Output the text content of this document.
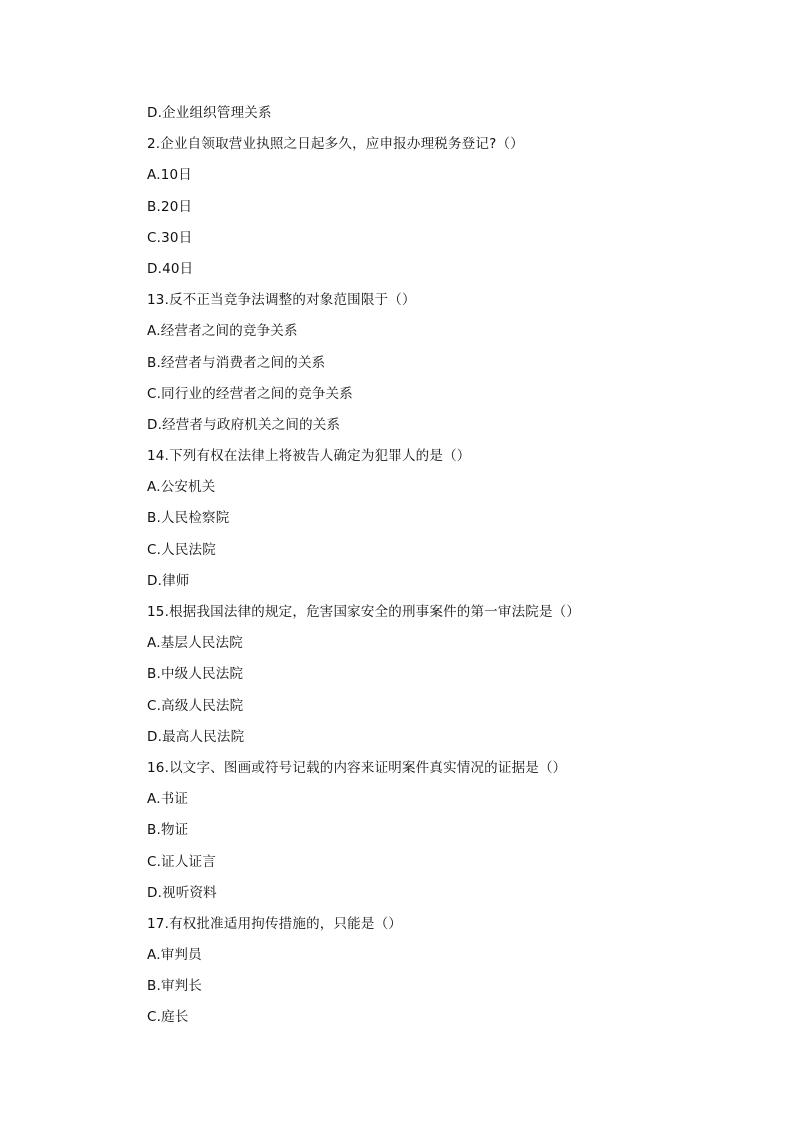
D.企业组织管理关系
2.企业自领取营业执照之日起多久，应申报办理税务登记?（）
A.10日
B.20日
C.30日
D.40日
13.反不正当竞争法调整的对象范围限于（）
A.经营者之间的竞争关系
B.经营者与消费者之间的关系
C.同行业的经营者之间的竞争关系
D.经营者与政府机关之间的关系
14.下列有权在法律上将被告人确定为犯罪人的是（）
A.公安机关
B.人民检察院
C.人民法院
D.律师
15.根据我国法律的规定，危害国家安全的刑事案件的第一审法院是（）
A.基层人民法院
B.中级人民法院
C.高级人民法院
D.最高人民法院
16.以文字、图画或符号记载的内容来证明案件真实情况的证据是（）
A.书证
B.物证
C.证人证言
D.视听资料
17.有权批准适用拘传措施的，只能是（）
A.审判员
B.审判长
C.庭长
